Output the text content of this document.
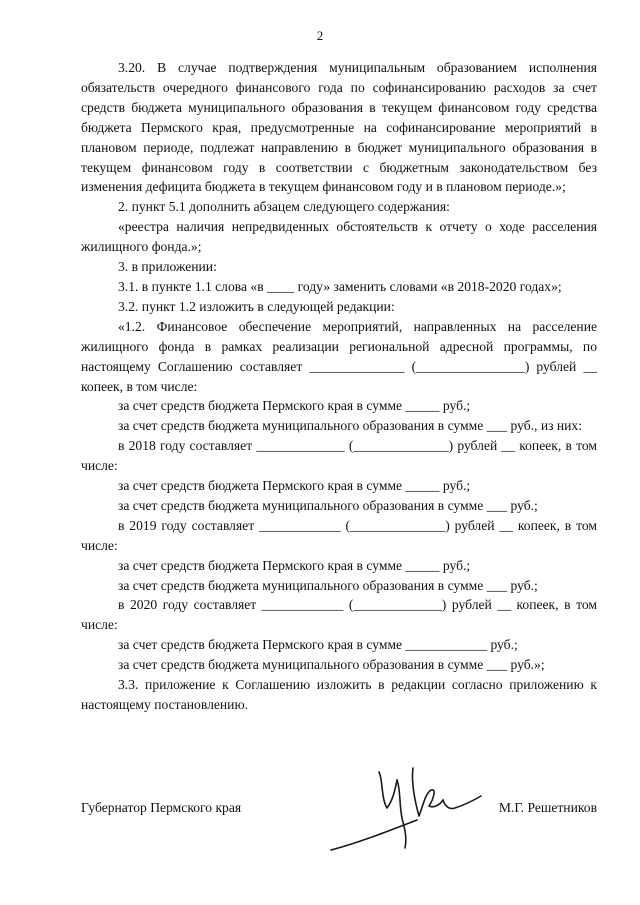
2

3.20. В случае подтверждения муниципальным образованием исполнения обязательств очередного финансового года по софинансированию расходов за счет средств бюджета муниципального образования в текущем финансовом году средства бюджета Пермского края, предусмотренные на софинансирование мероприятий в плановом периоде, подлежат направлению в бюджет муниципального образования в текущем финансовом году в соответствии с бюджетным законодательством без изменения дефицита бюджета в текущем финансовом году и в плановом периоде.»;

2. пункт 5.1 дополнить абзацем следующего содержания:

«реестра наличия непредвиденных обстоятельств к отчету о ходе расселения жилищного фонда.»;

3. в приложении:

3.1. в пункте 1.1 слова «в ____ году» заменить словами «в 2018-2020 годах»;

3.2. пункт 1.2 изложить в следующей редакции:

«1.2. Финансовое обеспечение мероприятий, направленных на расселение жилищного фонда в рамках реализации региональной адресной программы, по настоящему Соглашению составляет ______________ (________________) рублей __ копеек, в том числе:

за счет средств бюджета Пермского края в сумме _____ руб.;

за счет средств бюджета муниципального образования в сумме ___ руб., из них:

в 2018 году составляет _____________ (______________) рублей __ копеек, в том числе:

за счет средств бюджета Пермского края в сумме _____ руб.;

за счет средств бюджета муниципального образования в сумме ___ руб.;

в 2019 году составляет ____________ (______________) рублей __ копеек, в том числе:

за счет средств бюджета Пермского края в сумме _____ руб.;

за счет средств бюджета муниципального образования в сумме ___ руб.;

в 2020 году составляет ____________ (_____________) рублей __ копеек, в том числе:

за счет средств бюджета Пермского края в сумме ____________ руб.;

за счет средств бюджета муниципального образования в сумме ___ руб.»;

3.3. приложение к Соглашению изложить в редакции согласно приложению к настоящему постановлению.

Губернатор Пермского края	М.Г. Решетников
